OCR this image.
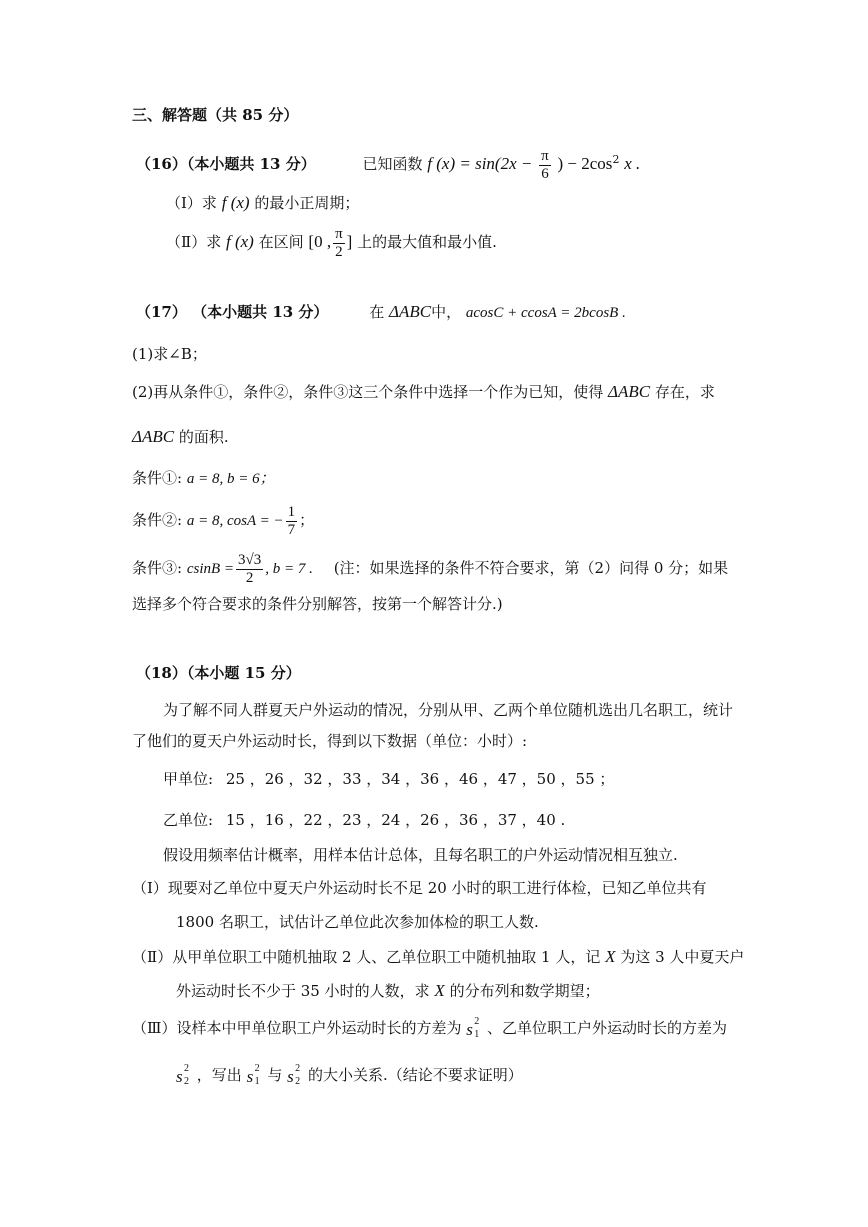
三、解答题（共 85 分）
（16）（本小题共 13 分）	已知函数 f $(x) = \sin(2x - \frac{\pi}{6}$ ) − $2\cos^2$ x .
（Ⅰ）求 f (x) 的最小正周期；
（Ⅱ）求 f (x) 在区间 [0 , $\frac{\pi}{2}$ ] 上的最大值和最小值.
（17） （本小题共 13 分）	在 ΔABC中， acosC + ccosA = 2bcosB .
(1)求∠B；
(2)再从条件①，条件②，条件③这三个条件中选择一个作为已知，使得 ΔABC 存在，求
ΔABC 的面积.
条件①: a = 8, b = 6；
条件②: a = 8, cosA = − $\frac{1}{7}$ ；
条件③: $csinB = \frac{3√3}{2}$ , b = 7 . (注：如果选择的条件不符合要求，第（2）问得 0 分；如果
选择多个符合要求的条件分别解答，按第一个解答计分.)
（18）（本小题 15 分）
为了解不同人群夏天户外运动的情况，分别从甲、乙两个单位随机选出几名职工，统计
了他们的夏天户外运动时长，得到以下数据（单位：小时）:
甲单位: 25 ，26 ，32 ，33 ，34 ，36 ，46 ，47 ，50 ，55 ；
乙单位: 15 ，16 ，22 ，23 ，24 ，26 ，36 ，37 ，40 .
假设用频率估计概率，用样本估计总体，且每名职工的户外运动情况相互独立.
（Ⅰ）现要对乙单位中夏天户外运动时长不足 20 小时的职工进行体检，已知乙单位共有
1800 名职工，试估计乙单位此次参加体检的职工人数.
（Ⅱ）从甲单位职工中随机抽取 2 人、乙单位职工中随机抽取 1 人，记 X 为这 3 人中夏天户
外运动时长不少于 35 小时的人数，求 X 的分布列和数学期望；
（Ⅲ）设样本中甲单位职工户外运动时长的方差为 s 2
1 、乙单位职工户外运动时长的方差为
s 2
2 ，写出 s 2
1 与 s 2
2 的大小关系.（结论不要求证明）
